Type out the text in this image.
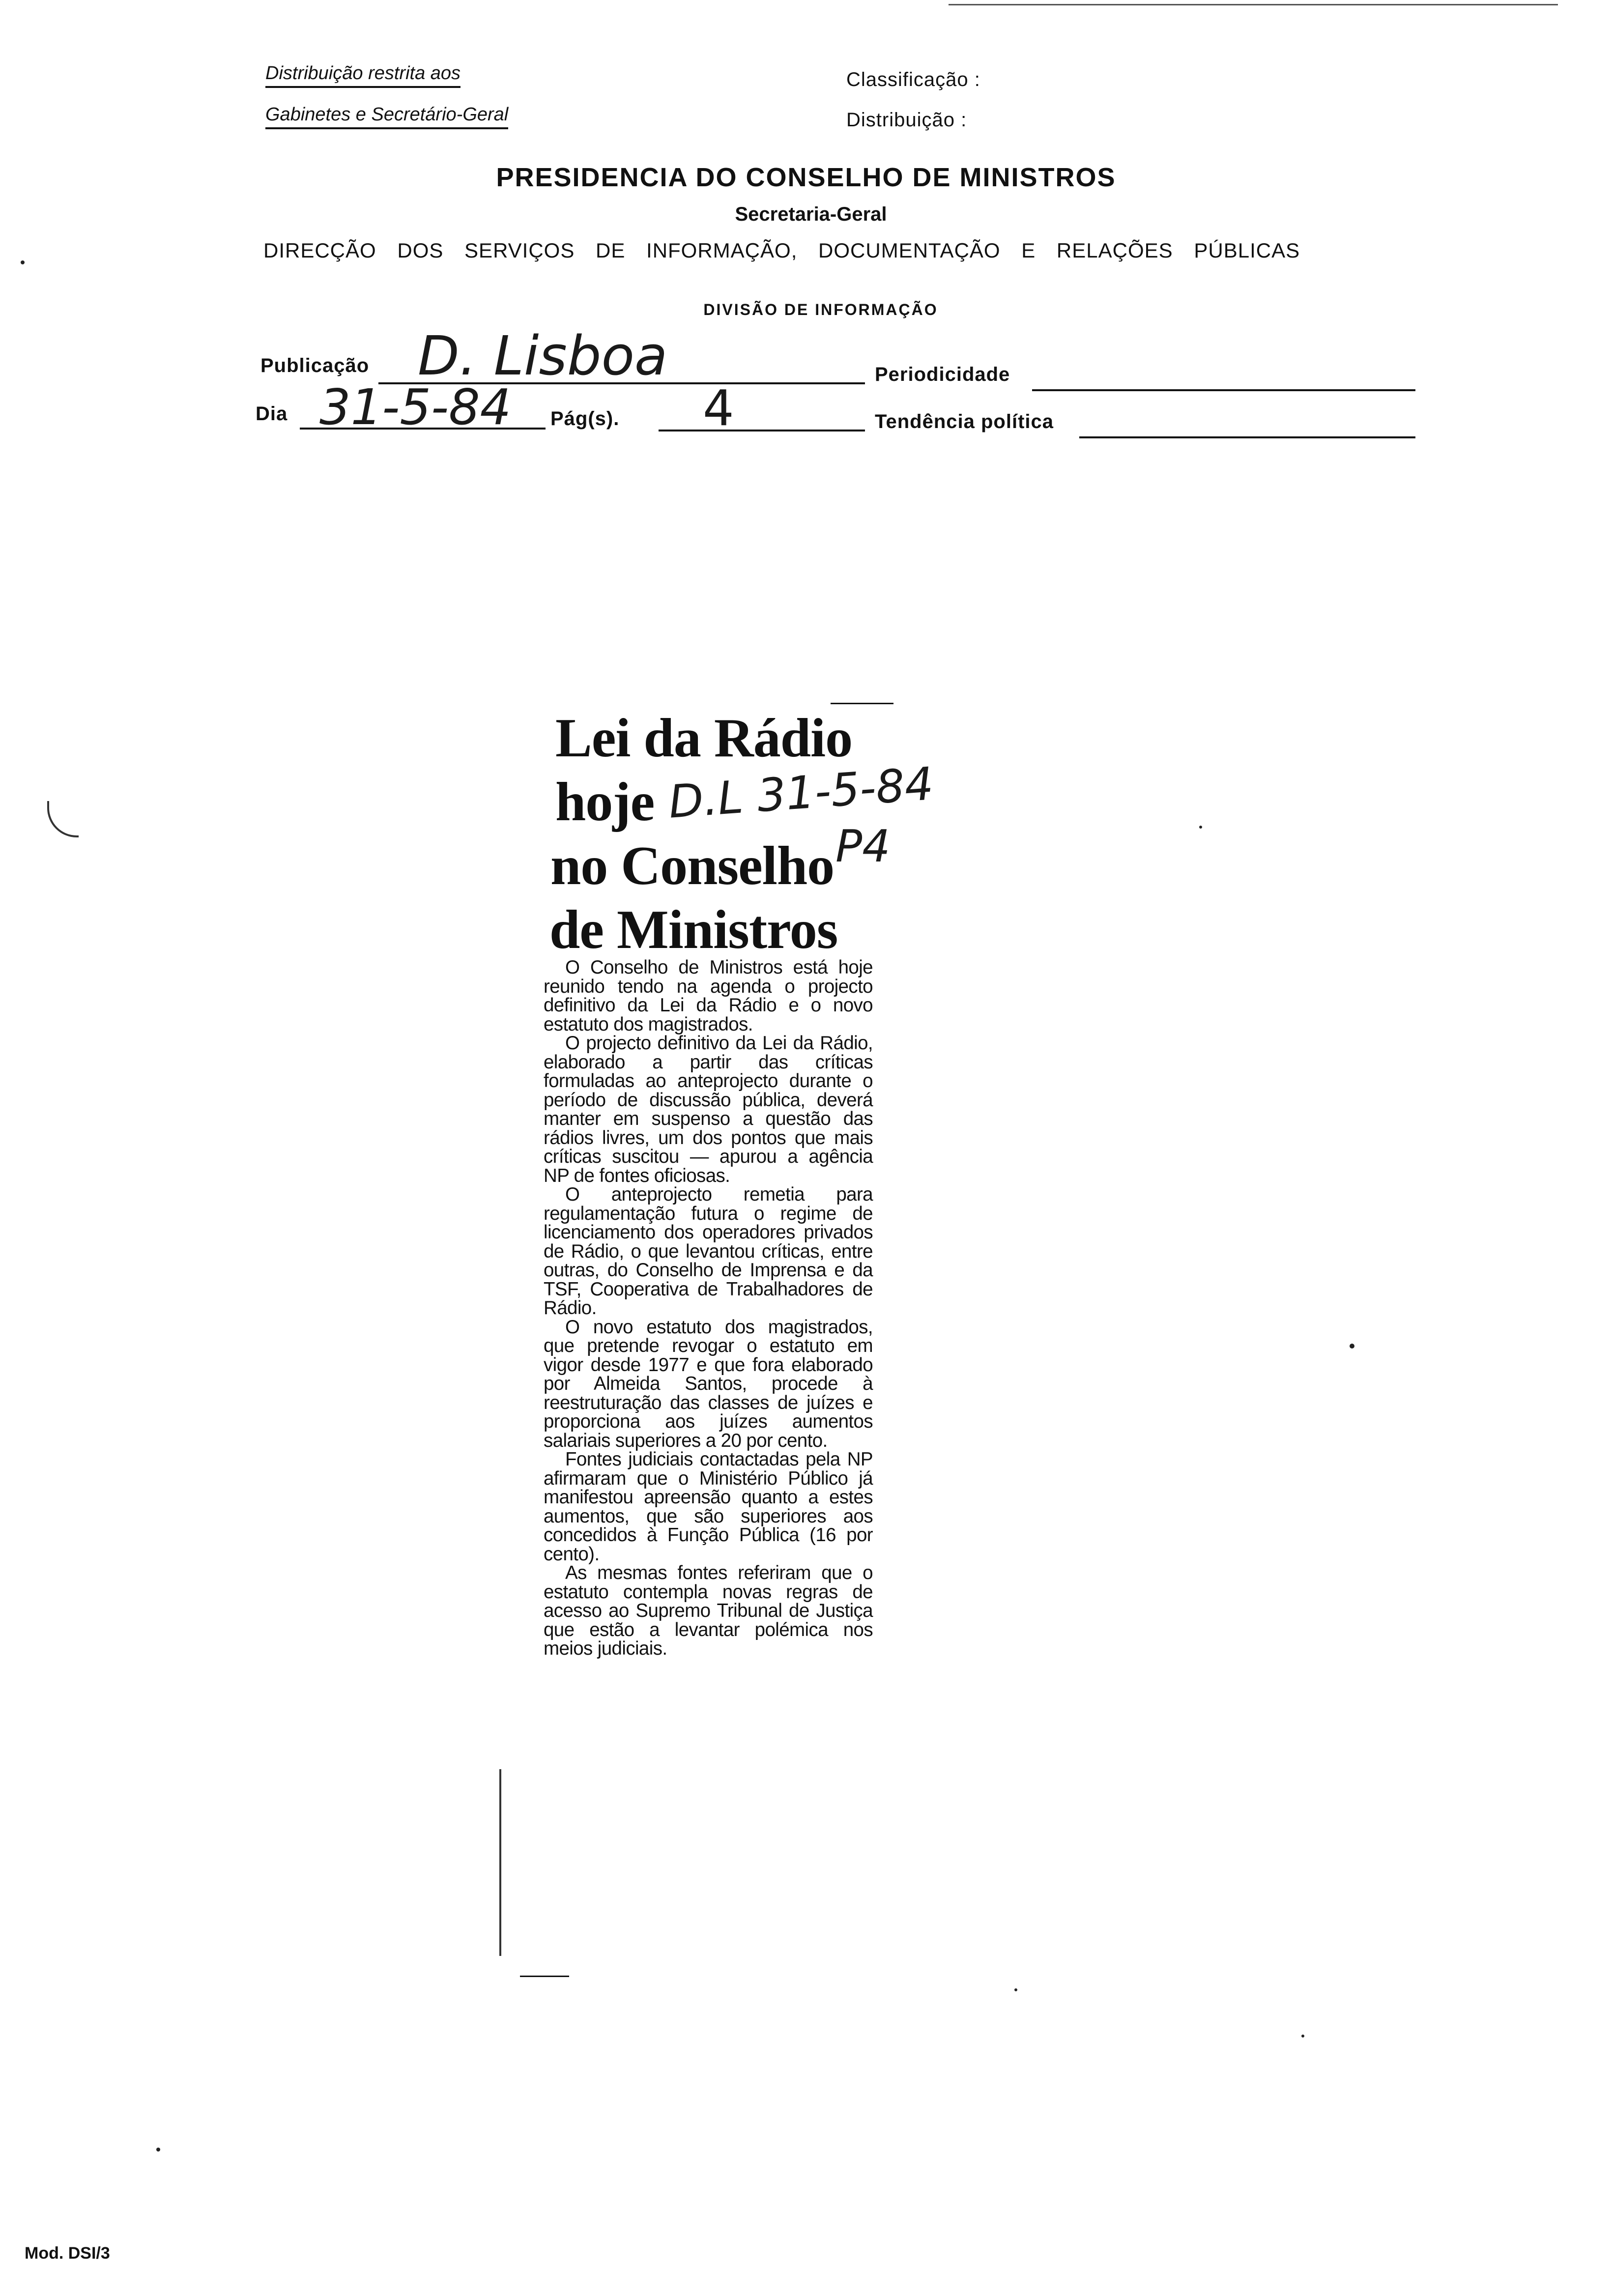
Distribuição restrita aos
Gabinetes e Secretário-Geral
Classificação :
Distribuição :
PRESIDENCIA DO CONSELHO DE MINISTROS
Secretaria-Geral
DIRECÇÃO DOS SERVIÇOS DE INFORMAÇÃO, DOCUMENTAÇÃO E RELAÇÕES PÚBLICAS
DIVISÃO DE INFORMAÇÃO
Publicação D. Lisboa	Periodicidade
Dia 31-5-84 Pág(s). 4	Tendência política
Lei da Rádio
hoje
no Conselho
de Ministros
D.L 31-5-84
P4

O Conselho de Ministros está hoje reunido tendo na agenda o projecto definitivo da Lei da Rádio e o novo estatuto dos magistrados.

O projecto definitivo da Lei da Rádio, elaborado a partir das críticas formuladas ao anteprojecto durante o período de discussão pública, deverá manter em suspenso a questão das rádios livres, um dos pontos que mais críticas suscitou — apurou a agência NP de fontes oficiosas.

O anteprojecto remetia para regulamentação futura o regime de licenciamento dos operadores privados de Rádio, o que levantou críticas, entre outras, do Conselho de Imprensa e da TSF, Cooperativa de Trabalhadores de Rádio.

O novo estatuto dos magistrados, que pretende revogar o estatuto em vigor desde 1977 e que fora elaborado por Almeida Santos, procede à reestruturação das classes de juízes e proporciona aos juízes aumentos salariais superiores a 20 por cento.

Fontes judiciais contactadas pela NP afirmaram que o Ministério Público já manifestou apreensão quanto a estes aumentos, que são superiores aos concedidos à Função Pública (16 por cento).

As mesmas fontes referiram que o estatuto contempla novas regras de acesso ao Supremo Tribunal de Justiça que estão a levantar polémica nos meios judiciais.

Mod. DSI/3
